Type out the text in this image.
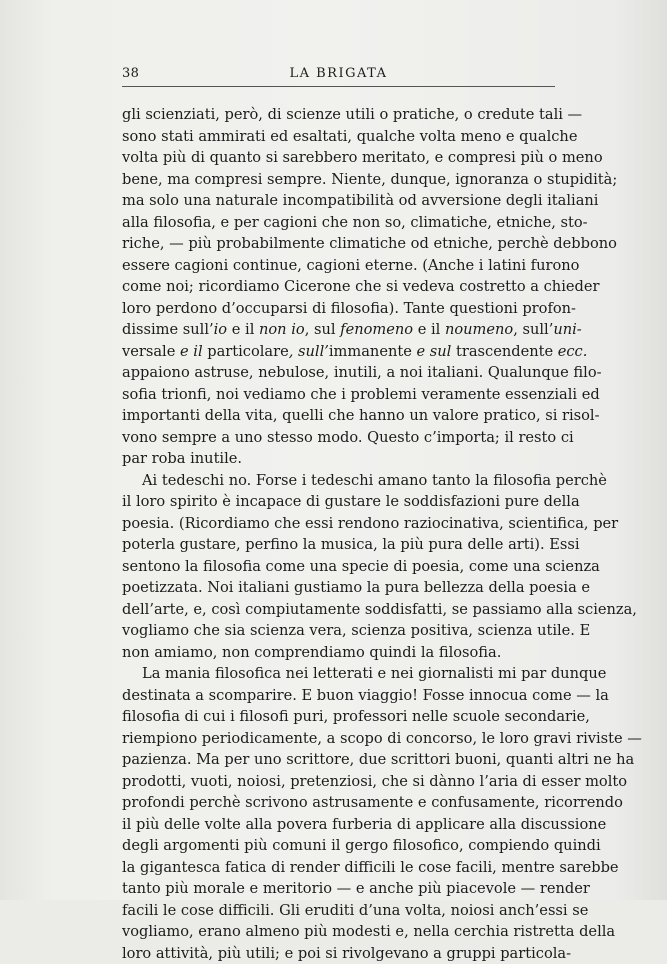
38	LA BRIGATA
gli scienziati, però, di scienze utili o pratiche, o credute tali —
sono stati ammirati ed esaltati, qualche volta meno e qualche
volta più di quanto si sarebbero meritato, e compresi più o meno
bene, ma compresi sempre. Niente, dunque, ignoranza o stupidità;
ma solo una naturale incompatibilità od avversione degli italiani
alla filosofia, e per cagioni che non so, climatiche, etniche, sto-
riche, — più probabilmente climatiche od etniche, perchè debbono
essere cagioni continue, cagioni eterne. (Anche i latini furono
come noi; ricordiamo Cicerone che si vedeva costretto a chieder
loro perdono d’occuparsi di filosofia). Tante questioni profon-
dissime sull’io e il non io, sul fenomeno e il noumeno, sull’uni-
versale e il particolare, sull’immanente e sul trascendente ecc.
appaiono astruse, nebulose, inutili, a noi italiani. Qualunque filo-
sofia trionfi, noi vediamo che i problemi veramente essenziali ed
importanti della vita, quelli che hanno un valore pratico, si risol-
vono sempre a uno stesso modo. Questo c’importa; il resto ci
par roba inutile.
Ai tedeschi no. Forse i tedeschi amano tanto la filosofia perchè
il loro spirito è incapace di gustare le soddisfazioni pure della
poesia. (Ricordiamo che essi rendono raziocinativa, scientifica, per
poterla gustare, perfino la musica, la più pura delle arti). Essi
sentono la filosofia come una specie di poesia, come una scienza
poetizzata. Noi italiani gustiamo la pura bellezza della poesia e
dell’arte, e, così compiutamente soddisfatti, se passiamo alla scienza,
vogliamo che sia scienza vera, scienza positiva, scienza utile. E
non amiamo, non comprendiamo quindi la filosofia.
La mania filosofica nei letterati e nei giornalisti mi par dunque
destinata a scomparire. E buon viaggio! Fosse innocua come — la
filosofia di cui i filosofi puri, professori nelle scuole secondarie,
riempiono periodicamente, a scopo di concorso, le loro gravi riviste —
pazienza. Ma per uno scrittore, due scrittori buoni, quanti altri ne ha
prodotti, vuoti, noiosi, pretenziosi, che si dànno l’aria di esser molto
profondi perchè scrivono astrusamente e confusamente, ricorrendo
il più delle volte alla povera furberia di applicare alla discussione
degli argomenti più comuni il gergo filosofico, compiendo quindi
la gigantesca fatica di render difficili le cose facili, mentre sarebbe
tanto più morale e meritorio — e anche più piacevole — render
facili le cose difficili. Gli eruditi d’una volta, noiosi anch’essi se
vogliamo, erano almeno più modesti e, nella cerchia ristretta della
loro attività, più utili; e poi si rivolgevano a gruppi particola-
